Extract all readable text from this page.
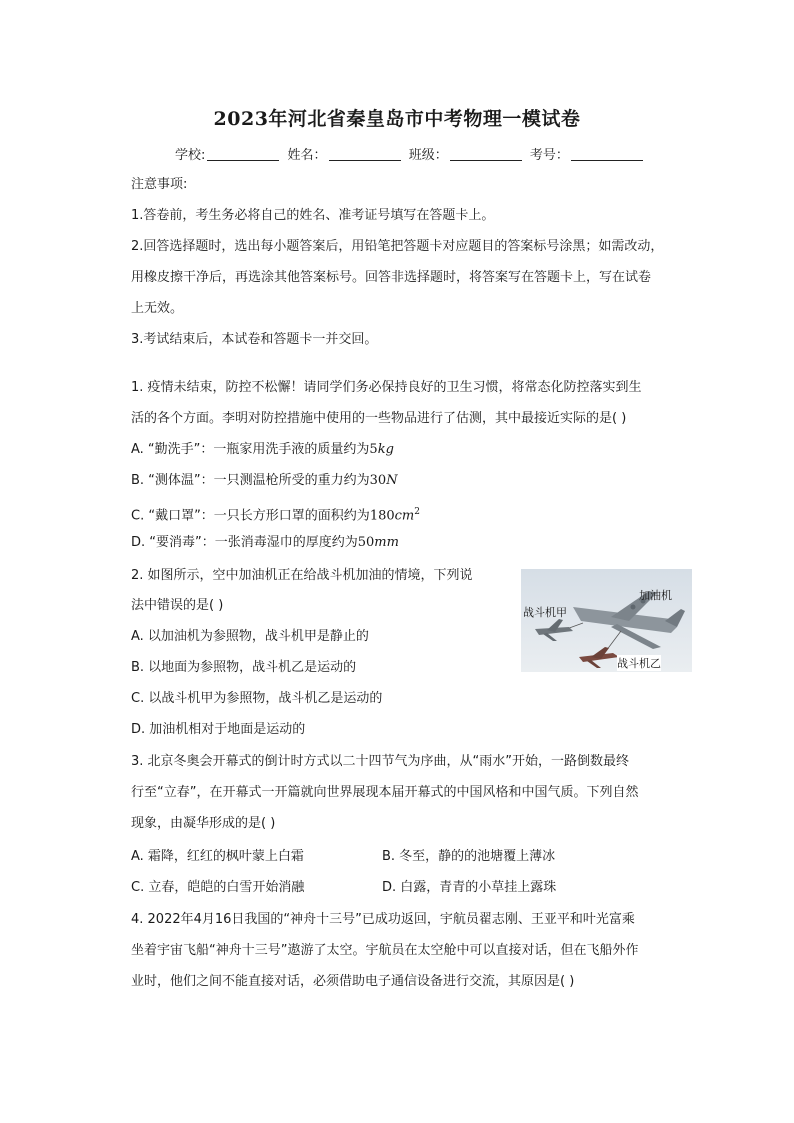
2023年河北省秦皇岛市中考物理一模试卷
学校:	姓名：	班级：	考号：
注意事项:
1.答卷前，考生务必将自己的姓名、准考证号填写在答题卡上。
2.回答选择题时，选出每小题答案后，用铅笔把答题卡对应题目的答案标号涂黑；如需改动，
用橡皮擦干净后，再选涂其他答案标号。回答非选择题时，将答案写在答题卡上，写在试卷
上无效。
3.考试结束后，本试卷和答题卡一并交回。
1. 疫情未结束，防控不松懈！请同学们务必保持良好的卫生习惯，将常态化防控落实到生
活的各个方面。李明对防控措施中使用的一些物品进行了估测，其中最接近实际的是( )
A. “勤洗手”：一瓶家用洗手液的质量约为5kg
B. “测体温”：一只测温枪所受的重力约为30N
C. “戴口罩”：一只长方形口罩的面积约为$180cm^2$
D. “要消毒”：一张消毒湿巾的厚度约为50mm
2. 如图所示，空中加油机正在给战斗机加油的情境，下列说
法中错误的是( )
A. 以加油机为参照物，战斗机甲是静止的
B. 以地面为参照物，战斗机乙是运动的
C. 以战斗机甲为参照物，战斗机乙是运动的
D. 加油机相对于地面是运动的
加油机
战斗机甲
战斗机乙
3. 北京冬奥会开幕式的倒计时方式以二十四节气为序曲，从“雨水”开始，一路倒数最终
行至“立春”，在开幕式一开篇就向世界展现本届开幕式的中国风格和中国气质。下列自然
现象，由凝华形成的是( )
A. 霜降，红红的枫叶蒙上白霜	B. 冬至，静的的池塘覆上薄冰
C. 立春，皑皑的白雪开始消融	D. 白露，青青的小草挂上露珠
4. 2022年4月16日我国的“神舟十三号”已成功返回，宇航员翟志刚、王亚平和叶光富乘
坐着宇宙飞船“神舟十三号”遨游了太空。宇航员在太空舱中可以直接对话，但在飞船外作
业时，他们之间不能直接对话，必须借助电子通信设备进行交流，其原因是( )
